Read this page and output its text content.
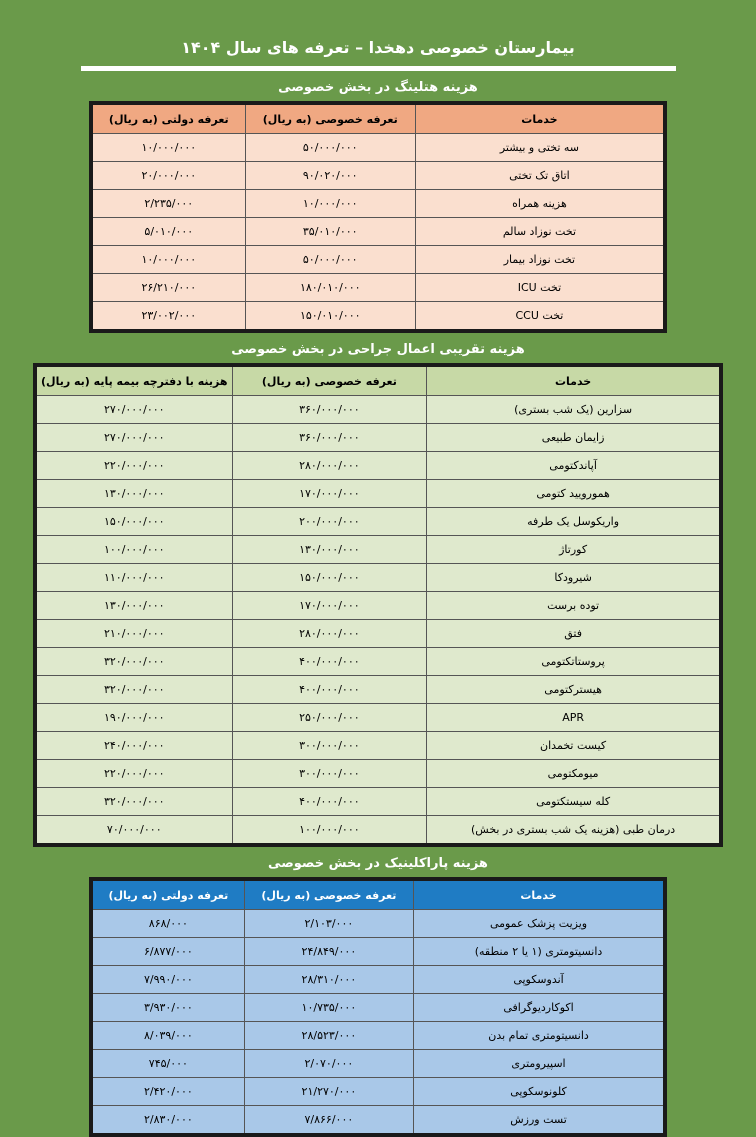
بیمارستان خصوصی دهخدا – تعرفه های سال ۱۴۰۴
هزینه هتلینگ در بخش خصوصی
خدمات	تعرفه خصوصی (به ریال)	تعرفه دولتی (به ریال)
سه تختی و بیشتر	۵۰/۰۰۰/۰۰۰	۱۰/۰۰۰/۰۰۰
اتاق تک تختی	۹۰/۰۲۰/۰۰۰	۲۰/۰۰۰/۰۰۰
هزینه همراه	۱۰/۰۰۰/۰۰۰	۲/۲۳۵/۰۰۰
تخت نوزاد سالم	۳۵/۰۱۰/۰۰۰	۵/۰۱۰/۰۰۰
تخت نوزاد بیمار	۵۰/۰۰۰/۰۰۰	۱۰/۰۰۰/۰۰۰
تخت ICU	۱۸۰/۰۱۰/۰۰۰	۲۶/۲۱۰/۰۰۰
تخت CCU	۱۵۰/۰۱۰/۰۰۰	۲۳/۰۰۲/۰۰۰
هزینه تقریبی اعمال جراحی در بخش خصوصی
خدمات	تعرفه خصوصی (به ریال)	هزینه با دفترچه بیمه پایه (به ریال)
سزارین (یک شب بستری)	۳۶۰/۰۰۰/۰۰۰	۲۷۰/۰۰۰/۰۰۰
زایمان طبیعی	۳۶۰/۰۰۰/۰۰۰	۲۷۰/۰۰۰/۰۰۰
آپاندکتومی	۲۸۰/۰۰۰/۰۰۰	۲۲۰/۰۰۰/۰۰۰
همورویید کتومی	۱۷۰/۰۰۰/۰۰۰	۱۳۰/۰۰۰/۰۰۰
واریکوسل یک طرفه	۲۰۰/۰۰۰/۰۰۰	۱۵۰/۰۰۰/۰۰۰
کورتاژ	۱۳۰/۰۰۰/۰۰۰	۱۰۰/۰۰۰/۰۰۰
شیرودکا	۱۵۰/۰۰۰/۰۰۰	۱۱۰/۰۰۰/۰۰۰
توده برست	۱۷۰/۰۰۰/۰۰۰	۱۳۰/۰۰۰/۰۰۰
فتق	۲۸۰/۰۰۰/۰۰۰	۲۱۰/۰۰۰/۰۰۰
پروستاتکتومی	۴۰۰/۰۰۰/۰۰۰	۳۲۰/۰۰۰/۰۰۰
هیسترکتومی	۴۰۰/۰۰۰/۰۰۰	۳۲۰/۰۰۰/۰۰۰
APR	۲۵۰/۰۰۰/۰۰۰	۱۹۰/۰۰۰/۰۰۰
کیست تخمدان	۳۰۰/۰۰۰/۰۰۰	۲۴۰/۰۰۰/۰۰۰
میومکتومی	۳۰۰/۰۰۰/۰۰۰	۲۲۰/۰۰۰/۰۰۰
کله سیستکتومی	۴۰۰/۰۰۰/۰۰۰	۳۲۰/۰۰۰/۰۰۰
درمان طبی (هزینه یک شب بستری در بخش)	۱۰۰/۰۰۰/۰۰۰	۷۰/۰۰۰/۰۰۰
هزینه پاراکلینیک در بخش خصوصی
خدمات	تعرفه خصوصی (به ریال)	تعرفه دولتی (به ریال)
ویزیت پزشک عمومی	۲/۱۰۳/۰۰۰	۸۶۸/۰۰۰
دانسیتومتری (۱ یا ۲ منطقه)	۲۴/۸۴۹/۰۰۰	۶/۸۷۷/۰۰۰
آندوسکوپی	۲۸/۳۱۰/۰۰۰	۷/۹۹۰/۰۰۰
اکوکاردیوگرافی	۱۰/۷۳۵/۰۰۰	۳/۹۳۰/۰۰۰
دانسیتومتری تمام بدن	۲۸/۵۲۳/۰۰۰	۸/۰۳۹/۰۰۰
اسپیرومتری	۲/۰۷۰/۰۰۰	۷۴۵/۰۰۰
کلونوسکوپی	۲۱/۲۷۰/۰۰۰	۲/۴۲۰/۰۰۰
تست ورزش	۷/۸۶۶/۰۰۰	۲/۸۳۰/۰۰۰
